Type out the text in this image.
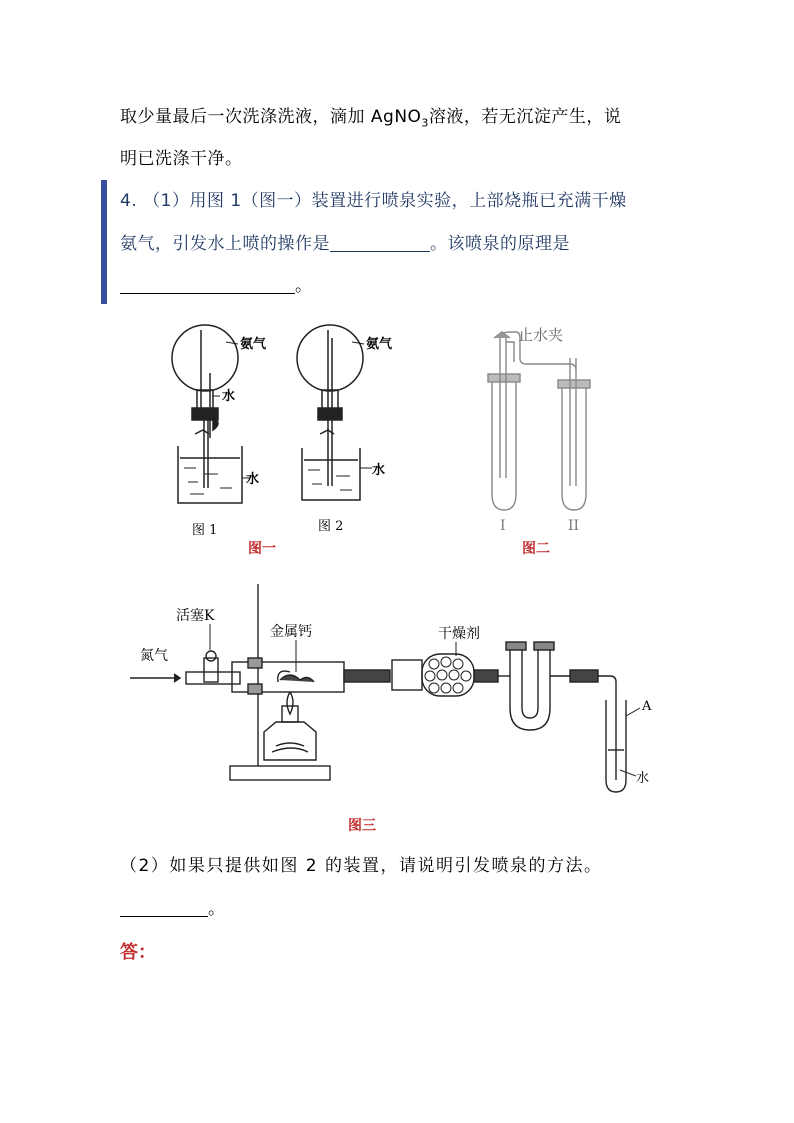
取少量最后一次洗涤洗液，滴加 AgNO$_3$溶液，若无沉淀产生，说
明已洗涤干净。
4. （1）用图 1（图一）装置进行喷泉实验，上部烧瓶已充满干燥
氨气，引发水上喷的操作是	。该喷泉的原理是
。
氨气
水
水
图 1
氨气
水
图 2
图一
止水夹
I	II
图二
活塞K
氮气
金属钙	干燥剂
A
水
图三
（2）如果只提供如图 2 的装置，请说明引发喷泉的方法。
。
答：
